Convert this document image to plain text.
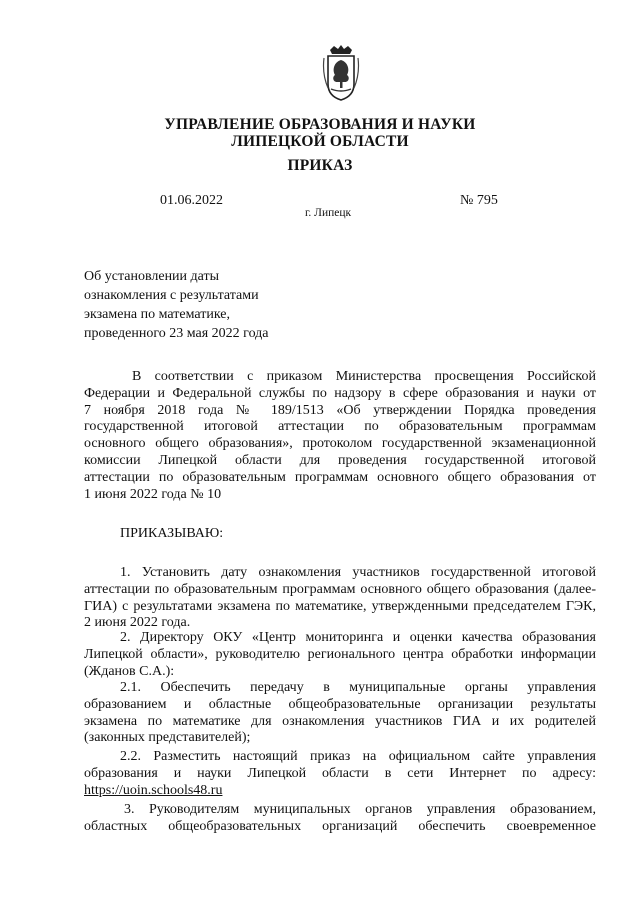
УПРАВЛЕНИЕ ОБРАЗОВАНИЯ И НАУКИ
ЛИПЕЦКОЙ ОБЛАСТИ
ПРИКАЗ
01.06.2022	№ 795
г. Липецк
Об установлении даты
ознакомления с результатами
экзамена по математике,
проведенного 23 мая 2022 года
В соответствии с приказом Министерства просвещения Российской
Федерации и Федеральной службы по надзору в сфере образования и науки от
7 ноября 2018 года № 189/1513 «Об утверждении Порядка проведения
государственной итоговой аттестации по образовательным программам
основного общего образования», протоколом государственной экзаменационной
комиссии Липецкой области для проведения государственной итоговой
аттестации по образовательным программам основного общего образования от
1 июня 2022 года № 10
ПРИКАЗЫВАЮ:
1. Установить дату ознакомления участников государственной итоговой
аттестации по образовательным программам основного общего образования (далее-
ГИА) с результатами экзамена по математике, утвержденными председателем ГЭК,
2 июня 2022 года.
2. Директору ОКУ «Центр мониторинга и оценки качества образования
Липецкой области», руководителю регионального центра обработки информации
(Жданов С.А.):
2.1. Обеспечить передачу в муниципальные органы управления
образованием и областные общеобразовательные организации результаты
экзамена по математике для ознакомления участников ГИА и их родителей
(законных представителей);
2.2. Разместить настоящий приказ на официальном сайте управления
образования и науки Липецкой области в сети Интернет по адресу:
https://uoin.schools48.ru
3. Руководителям муниципальных органов управления образованием,
областных общеобразовательных организаций обеспечить своевременное
